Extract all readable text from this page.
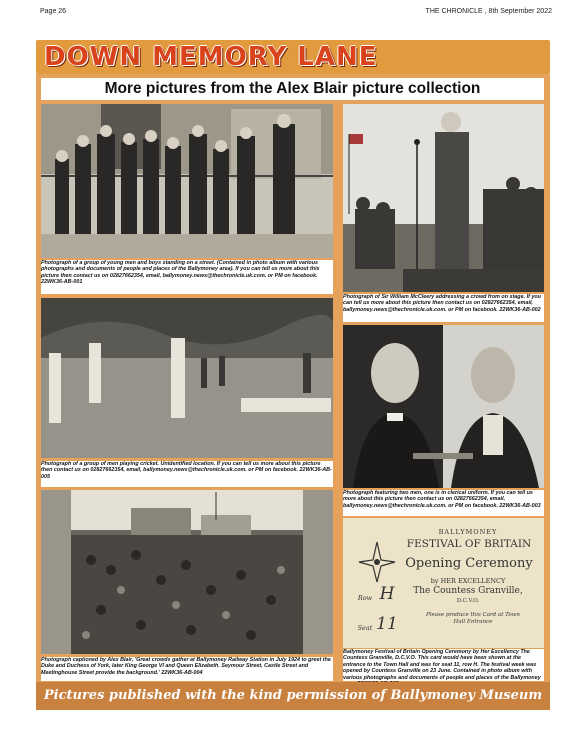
Page 26	THE CHRONICLE , 8th September 2022
DOWN MEMORY LANE
More pictures from the Alex Blair picture collection
Photograph of a group of young men and boys standing on a street. (Contained in photo album with various photographs and documents of people and places of the Ballymoney area). If you can tell us more about this picture then contact us on 02827662354, email, ballymoney.news@thechronicle.uk.com. or PM on facebook. 22WK36-AB-001
Photograph of Sir William McCleery addressing a crowd from on stage. If you can tell us more about this picture then contact us on 02827662354, email, ballymoney.news@thechronicle.uk.com. or PM on facebook. 22WK36-AB-002
Photograph of a group of men playing cricket. Unidentified location. If you can tell us more about this picture then contact us on 02827662354, email, ballymoney.news@thechronicle.uk.com. or PM on facebook. 22WK36-AB-005
Photograph featuring two men, one is in clerical uniform. If you can tell us more about this picture then contact us on 02827662354, email, ballymoney.news@thechronicle.uk.com. or PM on facebook. 22WK36-AB-003
Photograph captioned by Alex Blair, 'Great crowds gather at Ballymoney Railway Station in July 1924 to greet the Duke and Duchess of York, later King George VI and Queen Elizabeth. Seymour Street, Castle Street and Meetinghouse Street provide the background.' 22WK36-AB-004
BALLYMONEY
FESTIVAL OF BRITAIN
Opening Ceremony
by HER EXCELLENCY
The Countess Granville,
D.C.V.O.
Please produce this Card at Town Hall Entrance
Row H
Seat 11
Ballymoney Festival of Britain Opening Ceremony by Her Excellency The Countess Granville, D.C.V.O. This card would have been shown at the entrance to the Town Hall and was for seat 11, row H. The festival week was opened by Countess Granville on 23 June. Contained in photo album with various photographs and documents of people and places of the Ballymoney
Pictures published with the kind permission of Ballymoney Museum
